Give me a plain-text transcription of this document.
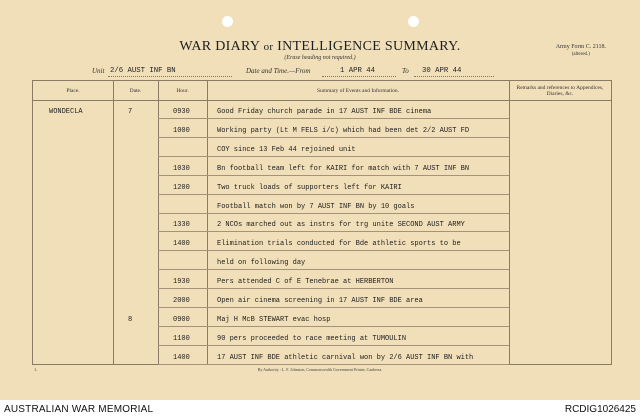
WAR DIARY or INTELLIGENCE SUMMARY.
(Erase heading not required.)
Army Form C. 2118.
(altered.)
Unit 2/6 AUST INF BN	Date and Time.—From	1 APR 44	To 30 APR 44
Place.	Date.	Hour.	Summary of Events and Information.	Remarks and references to Appendices, Diaries, &c.
WONDECLA	7	0930	Good Friday church parade in 17 AUST INF BDE cinema
1000	Working party (Lt M FELS i/c) which had been det 2/2 AUST FD
COY since 13 Feb 44 rejoined unit
1030	Bn football team left for KAIRI for match with 7 AUST INF BN
1200	Two truck loads of supporters left for KAIRI
Football match won by 7 AUST INF BN by 10 goals
1330	2 NCOs marched out as instrs for trg unite SECOND AUST ARMY
1400	Elimination trials conducted for Bde athletic sports to be
held on following day
1930	Pers attended C of E Tenebrae at HERBERTON
2000	Open air cinema screening in 17 AUST INF BDE area
8	0900	Maj H McB STEWART evac hosp
1100	90 pers proceeded to race meeting at TUMOULIN
1400	17 AUST INF BDE athletic carnival won by 2/6 AUST INF BN with
1.	By Authority : L. F. Johnston, Commonwealth Government Printer, Canberra.
AUSTRALIAN WAR MEMORIAL	RCDIG1026425
